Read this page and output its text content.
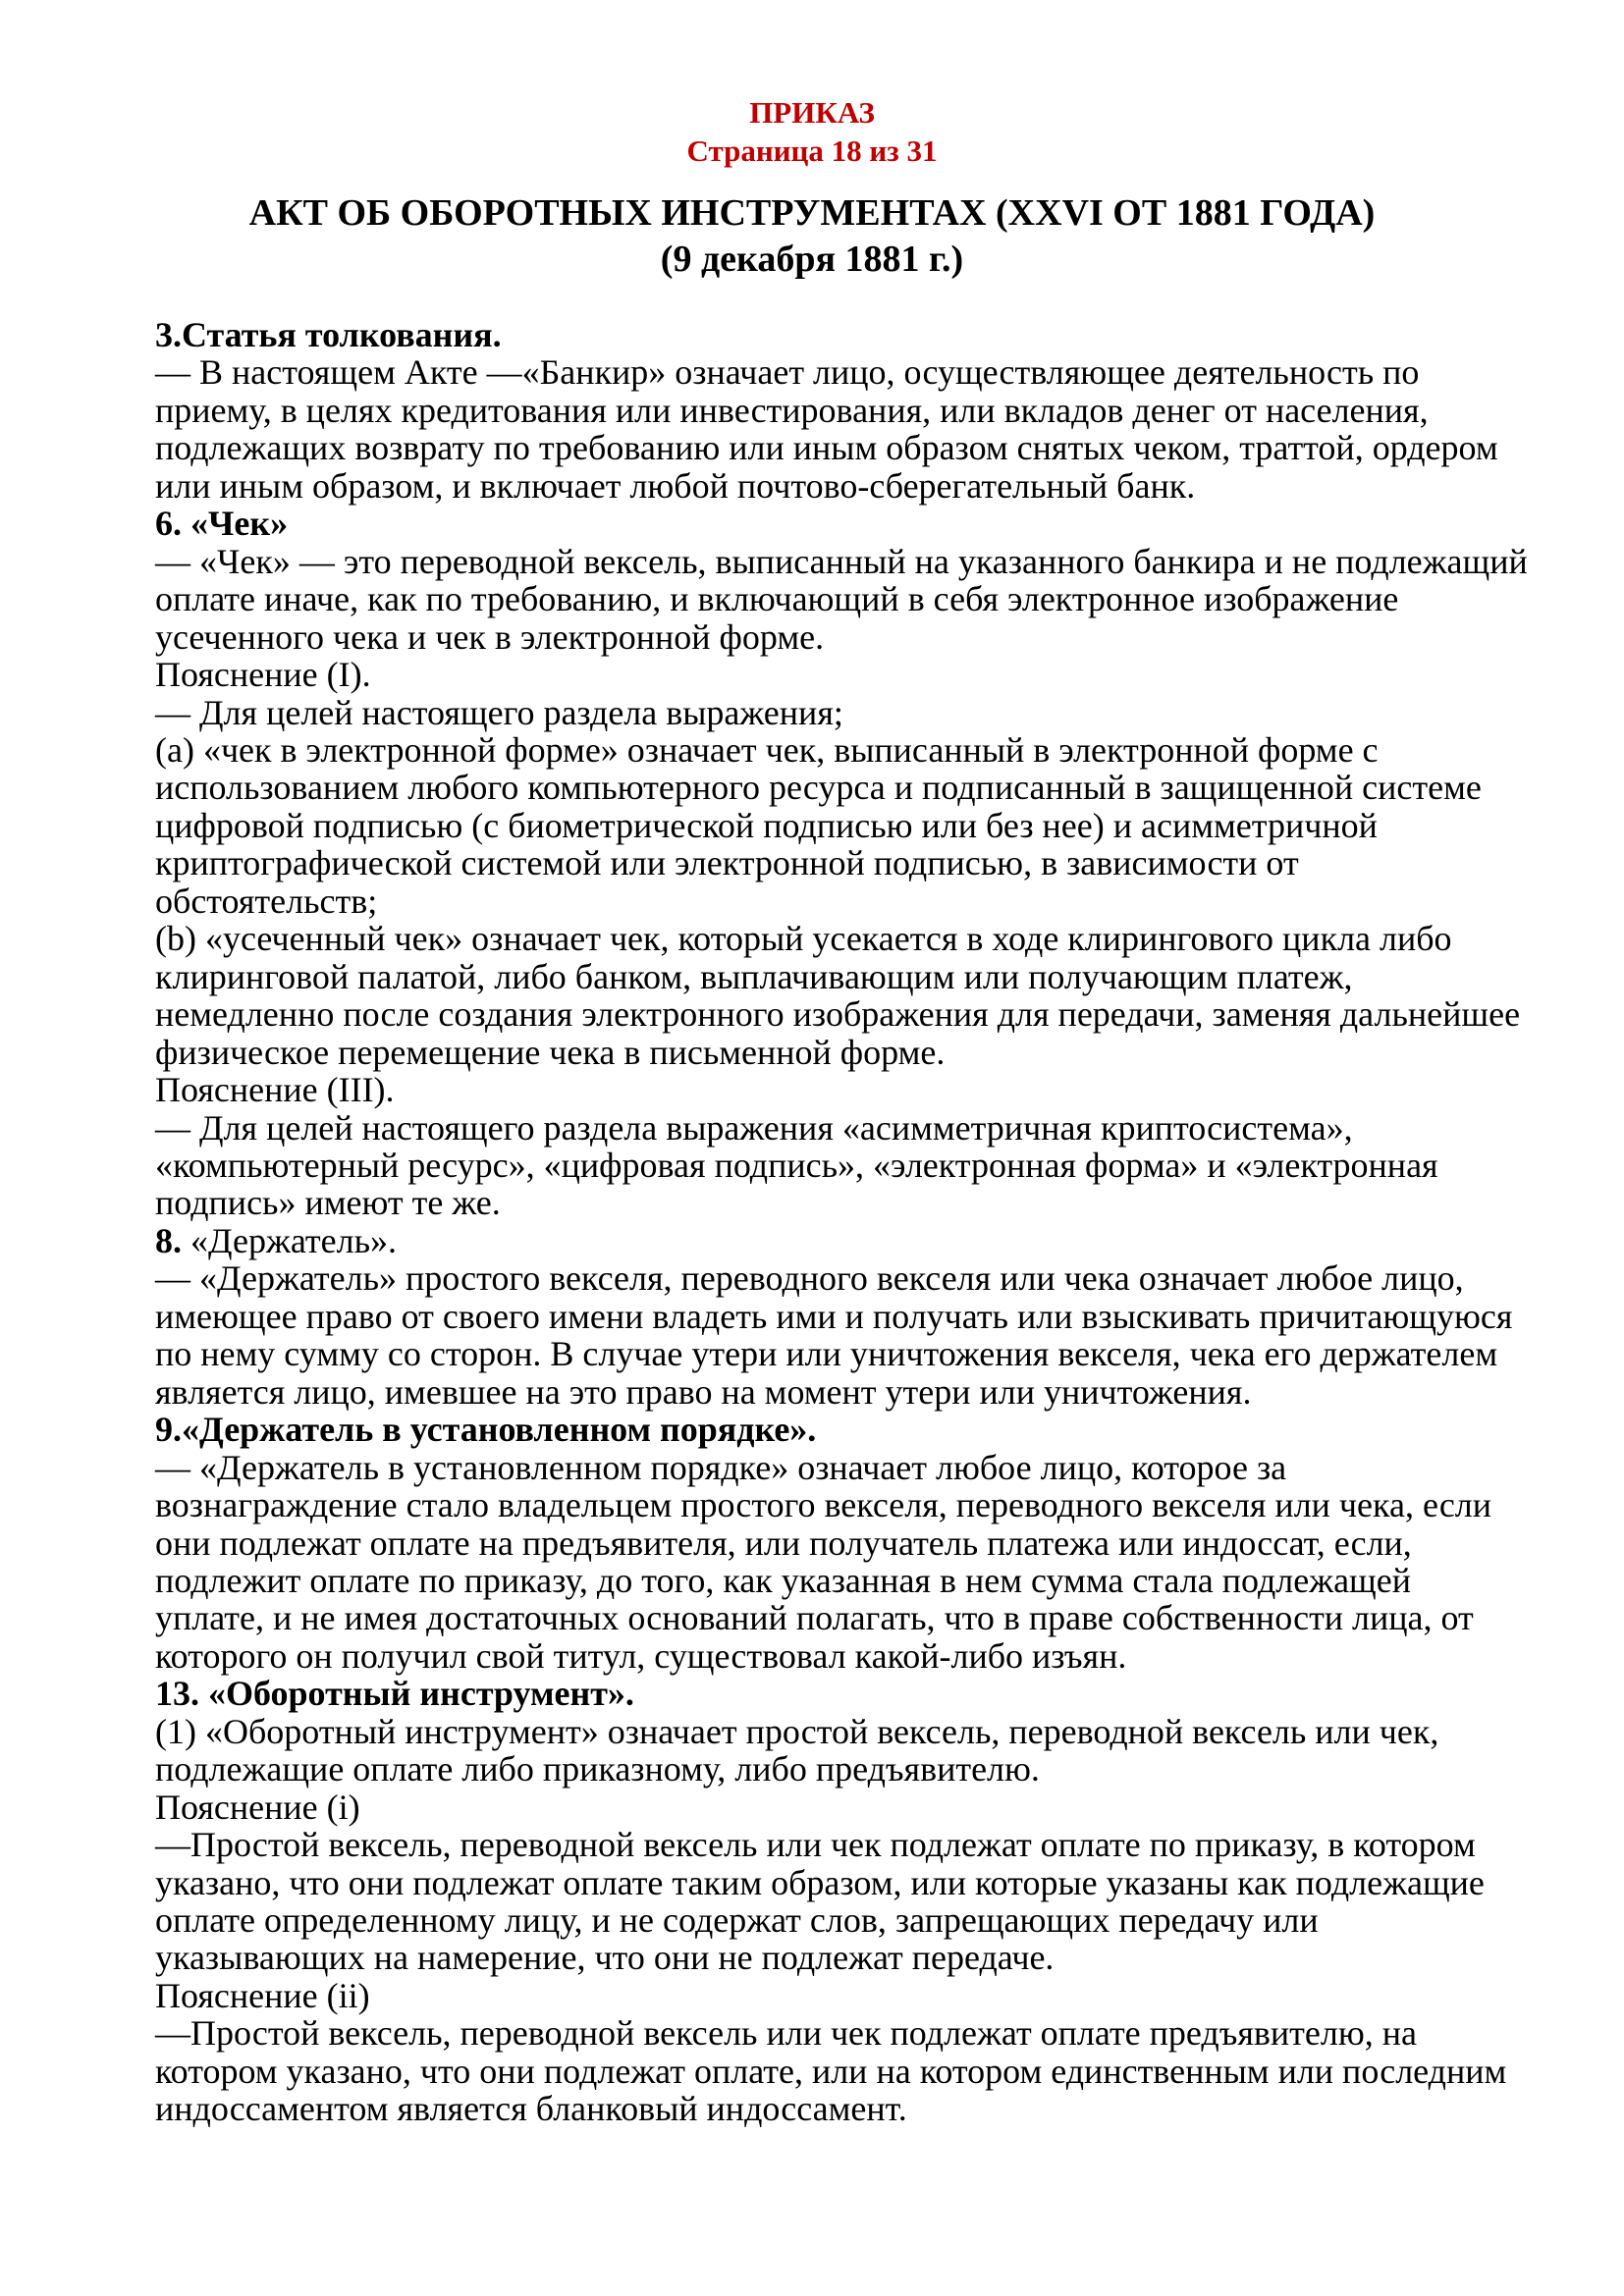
ПРИКАЗ
Страница 18 из 31
АКТ ОБ ОБОРОТНЫХ ИНСТРУМЕНТАХ (XXVI ОТ 1881 ГОДА)
(9 декабря 1881 г.)
3.Статья толкования.
— В настоящем Акте —«Банкир» означает лицо, осуществляющее деятельность по
приему, в целях кредитования или инвестирования, или вкладов денег от населения,
подлежащих возврату по требованию или иным образом снятых чеком, траттой, ордером
или иным образом, и включает любой почтово-сберегательный банк.
6. «Чек»
— «Чек» — это переводной вексель, выписанный на указанного банкира и не подлежащий
оплате иначе, как по требованию, и включающий в себя электронное изображение
усеченного чека и чек в электронной форме.
Пояснение (I).
— Для целей настоящего раздела выражения;
(a) «чек в электронной форме» означает чек, выписанный в электронной форме с
использованием любого компьютерного ресурса и подписанный в защищенной системе
цифровой подписью (с биометрической подписью или без нее) и асимметричной
криптографической системой или электронной подписью, в зависимости от
обстоятельств;
(b) «усеченный чек» означает чек, который усекается в ходе клирингового цикла либо
клиринговой палатой, либо банком, выплачивающим или получающим платеж,
немедленно после создания электронного изображения для передачи, заменяя дальнейшее
физическое перемещение чека в письменной форме.
Пояснение (III).
— Для целей настоящего раздела выражения «асимметричная криптосистема»,
«компьютерный ресурс», «цифровая подпись», «электронная форма» и «электронная
подпись» имеют те же.
8. «Держатель».
— «Держатель» простого векселя, переводного векселя или чека означает любое лицо,
имеющее право от своего имени владеть ими и получать или взыскивать причитающуюся
по нему сумму со сторон. В случае утери или уничтожения векселя, чека его держателем
является лицо, имевшее на это право на момент утери или уничтожения.
9.«Держатель в установленном порядке».
— «Держатель в установленном порядке» означает любое лицо, которое за
вознаграждение стало владельцем простого векселя, переводного векселя или чека, если
они подлежат оплате на предъявителя, или получатель платежа или индоссат, если,
подлежит оплате по приказу, до того, как указанная в нем сумма стала подлежащей
уплате, и не имея достаточных оснований полагать, что в праве собственности лица, от
которого он получил свой титул, существовал какой-либо изъян.
13. «Оборотный инструмент».
(1) «Оборотный инструмент» означает простой вексель, переводной вексель или чек,
подлежащие оплате либо приказному, либо предъявителю.
Пояснение (i)
—Простой вексель, переводной вексель или чек подлежат оплате по приказу, в котором
указано, что они подлежат оплате таким образом, или которые указаны как подлежащие
оплате определенному лицу, и не содержат слов, запрещающих передачу или
указывающих на намерение, что они не подлежат передаче.
Пояснение (ii)
—Простой вексель, переводной вексель или чек подлежат оплате предъявителю, на
котором указано, что они подлежат оплате, или на котором единственным или последним
индоссаментом является бланковый индоссамент.
